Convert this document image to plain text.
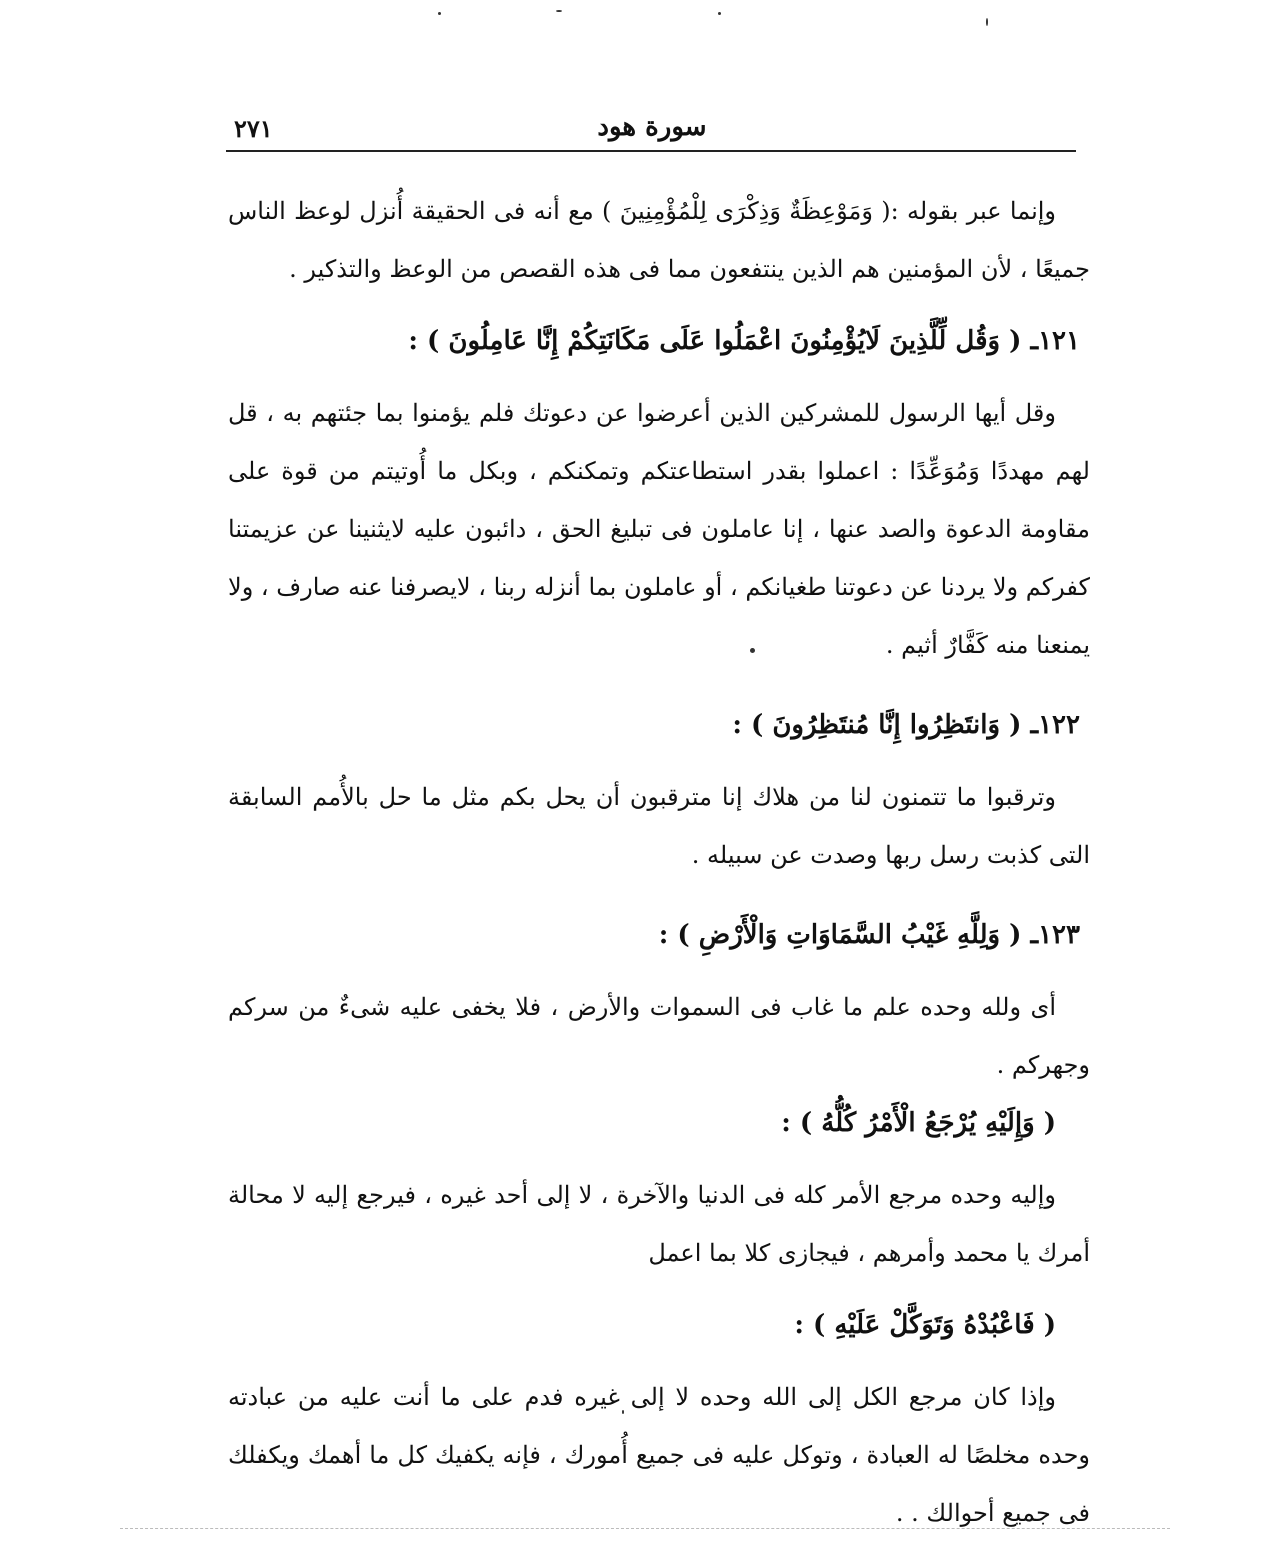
سورة هود
٢٧١

وإنما عبر بقوله :( وَمَوْعِظَةٌ وَذِكْرَى لِلْمُؤْمِنِينَ ) مع أنه فى الحقيقة أُنزل لوعظ الناس جميعًا ، لأن المؤمنين هم الذين ينتفعون مما فى هذه القصص من الوعظ والتذكير .

١٢١ـ ( وَقُل لِّلَّذِينَ لَايُؤْمِنُونَ اعْمَلُوا عَلَى مَكَانَتِكُمْ إِنَّا عَامِلُونَ ) :

وقل أيها الرسول للمشركين الذين أعرضوا عن دعوتك فلم يؤمنوا بما جئتهم به ، قل لهم مهددًا وَمُوَعِّدًا : اعملوا بقدر استطاعتكم وتمكنكم ، وبكل ما أُوتيتم من قوة على مقاومة الدعوة والصد عنها ، إنا عاملون فى تبليغ الحق ، دائبون عليه لايثنينا عن عزيمتنا كفركم ولا يردنا عن دعوتنا طغيانكم ، أو عاملون بما أنزله ربنا ، لايصرفنا عنه صارف ، ولا يمنعنا منه كَفَّارٌ أثيم .

١٢٢ـ ( وَانتَظِرُوا إِنَّا مُنتَظِرُونَ ) :

وترقبوا ما تتمنون لنا من هلاك إنا مترقبون أن يحل بكم مثل ما حل بالأُمم السابقة التى كذبت رسل ربها وصدت عن سبيله .

١٢٣ـ ( وَلِلَّهِ غَيْبُ السَّمَاوَاتِ وَالْأَرْضِ ) :

أى ولله وحده علم ما غاب فى السموات والأرض ، فلا يخفى عليه شىءٌ من سركم وجهركم .

( وَإِلَيْهِ يُرْجَعُ الْأَمْرُ كُلُّهُ ) :

وإليه وحده مرجع الأمر كله فى الدنيا والآخرة ، لا إلى أحد غيره ، فيرجع إليه لا محالة أمرك يا محمد وأمرهم ، فيجازى كلا بما اعمل

( فَاعْبُدْهُ وَتَوَكَّلْ عَلَيْهِ ) :

وإذا كان مرجع الكل إلى الله وحده لا إلى غيره فدم على ما أنت عليه من عبادته وحده مخلصًا له العبادة ، وتوكل عليه فى جميع أُمورك ، فإنه يكفيك كل ما أهمك ويكفلك فى جميع أحوالك . .
